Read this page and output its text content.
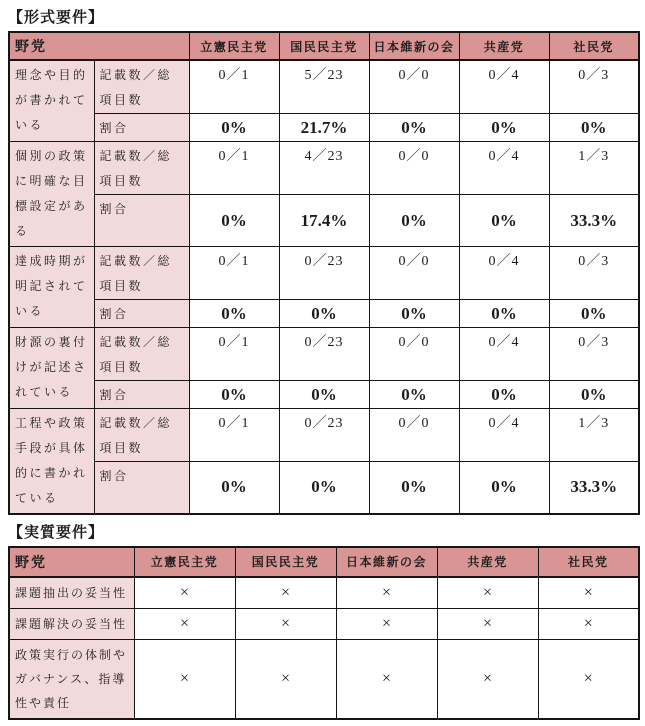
【形式要件】
野党		立憲民主党	国民民主党	日本維新の会	共産党	社民党
理念や目的が書かれている	記載数／総項目数	0／1	5／23	0／0	0／4	0／3
	割合	0%	21.7%	0%	0%	0%
個別の政策に明確な目標設定がある	記載数／総項目数	0／1	4／23	0／0	0／4	1／3
	割合	0%	17.4%	0%	0%	33.3%
達成時期が明記されている	記載数／総項目数	0／1	0／23	0／0	0／4	0／3
	割合	0%	0%	0%	0%	0%
財源の裏付けが記述されている	記載数／総項目数	0／1	0／23	0／0	0／4	0／3
	割合	0%	0%	0%	0%	0%
工程や政策手段が具体的に書かれている	記載数／総項目数	0／1	0／23	0／0	0／4	1／3
	割合	0%	0%	0%	0%	33.3%
【実質要件】
野党	立憲民主党	国民民主党	日本維新の会	共産党	社民党
課題抽出の妥当性	×	×	×	×	×
課題解決の妥当性	×	×	×	×	×
政策実行の体制やガバナンス、指導性や責任	×	×	×	×	×
